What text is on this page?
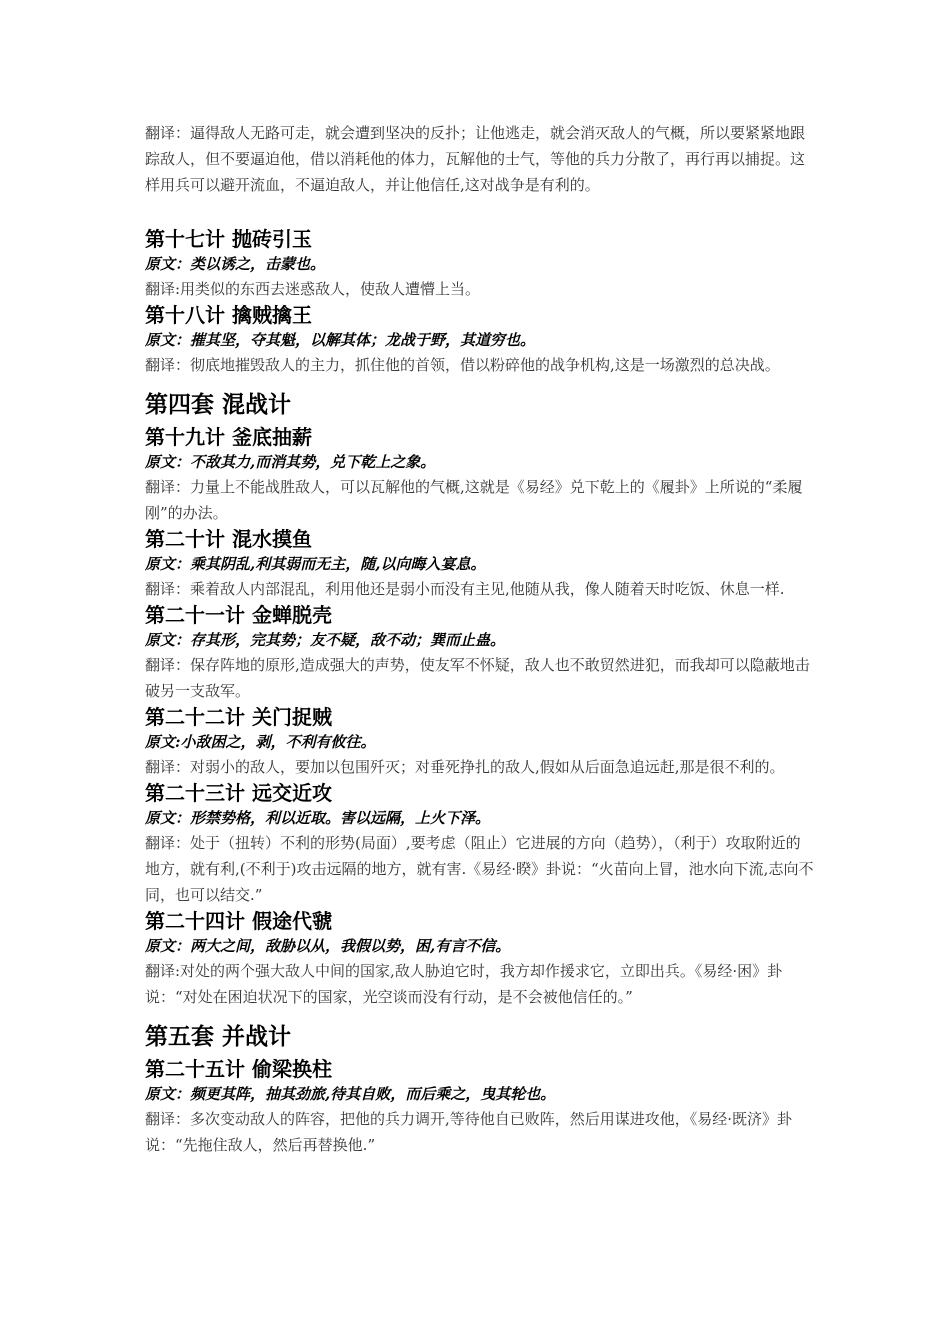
翻译：逼得敌人无路可走，就会遭到坚决的反扑；让他逃走，就会消灭敌人的气概，所以要紧紧地跟踪敌人，但不要逼迫他，借以消耗他的体力，瓦解他的士气，等他的兵力分散了，再行再以捕捉。这样用兵可以避开流血，不逼迫敌人，并让他信任,这对战争是有利的。

第十七计 抛砖引玉

原文：类以诱之，击蒙也。

翻译:用类似的东西去迷惑敌人，使敌人遭懵上当。

第十八计 擒贼擒王

原文：摧其坚，夺其魁，以解其体；龙战于野，其道穷也。

翻译：彻底地摧毁敌人的主力，抓住他的首领，借以粉碎他的战争机构,这是一场激烈的总决战。

第四套 混战计

第十九计 釜底抽薪

原文：不敌其力,而消其势，兑下乾上之象。

翻译：力量上不能战胜敌人，可以瓦解他的气概,这就是《易经》兑下乾上的《履卦》上所说的“柔履刚”的办法。

第二十计 混水摸鱼

原文：乘其阴乱,利其弱而无主，随,以向晦入宴息。

翻译：乘着敌人内部混乱，利用他还是弱小而没有主见,他随从我，像人随着天时吃饭、休息一样.

第二十一计 金蝉脱壳

原文：存其形，完其势；友不疑，敌不动；巽而止蛊。

翻译：保存阵地的原形,造成强大的声势，使友军不怀疑，敌人也不敢贸然进犯，而我却可以隐蔽地击破另一支敌军。

第二十二计 关门捉贼

原文:小敌困之，剥，不利有攸往。

翻译：对弱小的敌人，要加以包围歼灭；对垂死挣扎的敌人,假如从后面急追远赶,那是很不利的。

第二十三计 远交近攻

原文：形禁势格，利以近取。害以远隔，上火下泽。

翻译：处于（扭转）不利的形势(局面）,要考虑（阻止）它进展的方向（趋势），（利于）攻取附近的地方，就有利,(不利于)攻击远隔的地方，就有害.《易经·睽》卦说：“火苗向上冒，池水向下流,志向不同，也可以结交.”

第二十四计 假途代虢

原文：两大之间，敌胁以从，我假以势，困,有言不信。

翻译:对处的两个强大敌人中间的国家,敌人胁迫它时，我方却作援求它，立即出兵。《易经·困》卦说：“对处在困迫状况下的国家，光空谈而没有行动，是不会被他信任的。”

第五套 并战计

第二十五计 偷梁换柱

原文：频更其阵，抽其劲旅,待其自败，而后乘之，曳其轮也。

翻译：多次变动敌人的阵容，把他的兵力调开,等待他自已败阵，然后用谋进攻他，《易经·既济》卦说：“先拖住敌人，然后再替换他.”
